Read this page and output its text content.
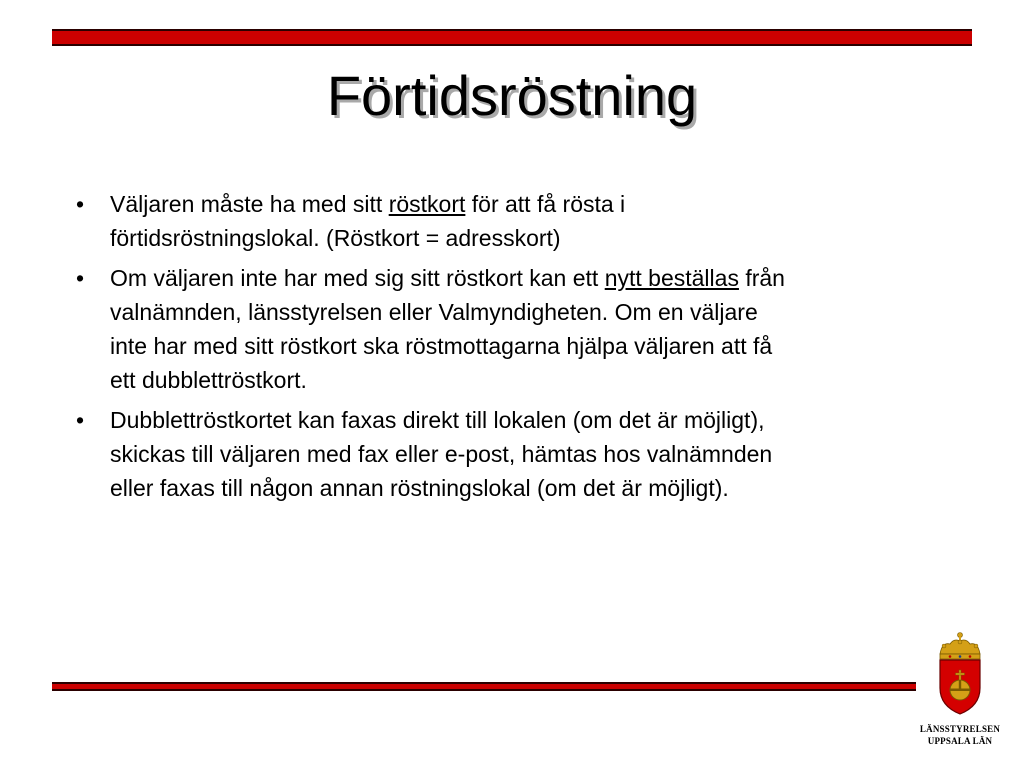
Förtidsröstning
• Väljaren måste ha med sitt röstkort för att få rösta i förtidsröstningslokal. (Röstkort = adresskort)
• Om väljaren inte har med sig sitt röstkort kan ett nytt beställas från valnämnden, länsstyrelsen eller Valmyndigheten. Om en väljare inte har med sitt röstkort ska röstmottagarna hjälpa väljaren att få ett dubblettröstkort.
• Dubblettröstkortet kan faxas direkt till lokalen (om det är möjligt), skickas till väljaren med fax eller e-post, hämtas hos valnämnden eller faxas till någon annan röstningslokal (om det är möjligt).
LÄNSSTYRELSEN
UPPSALA LÄN
